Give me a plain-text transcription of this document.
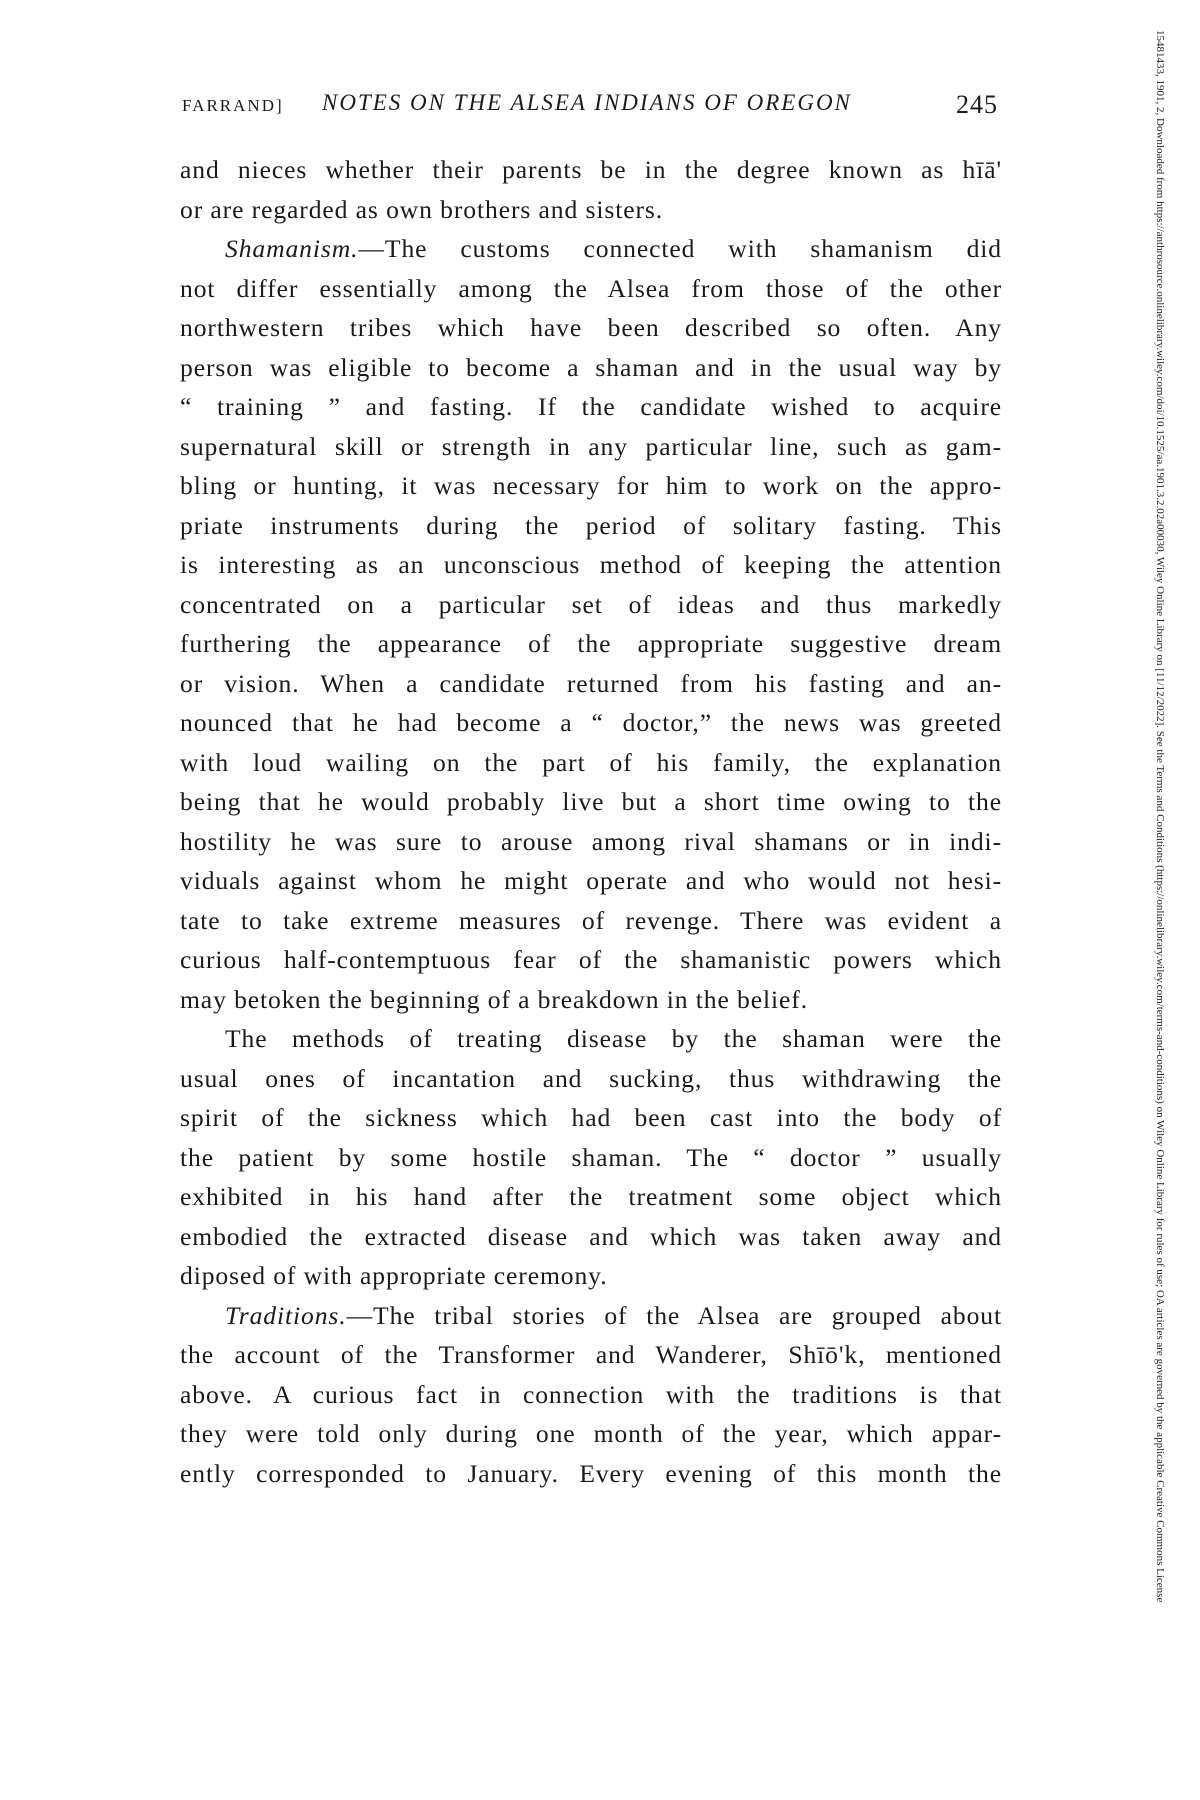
FARRAND] NOTES ON THE ALSEA INDIANS OF OREGON	245
and nieces whether their parents be in the degree known as hīā'
or are regarded as own brothers and sisters.
Shamanism.—The customs connected with shamanism did
not differ essentially among the Alsea from those of the other
northwestern tribes which have been described so often. Any
person was eligible to become a shaman and in the usual way by
“ training ” and fasting. If the candidate wished to acquire
supernatural skill or strength in any particular line, such as gam-
bling or hunting, it was necessary for him to work on the appro-
priate instruments during the period of solitary fasting. This
is interesting as an unconscious method of keeping the attention
concentrated on a particular set of ideas and thus markedly
furthering the appearance of the appropriate suggestive dream
or vision. When a candidate returned from his fasting and an-
nounced that he had become a “ doctor,” the news was greeted
with loud wailing on the part of his family, the explanation
being that he would probably live but a short time owing to the
hostility he was sure to arouse among rival shamans or in indi-
viduals against whom he might operate and who would not hesi-
tate to take extreme measures of revenge. There was evident a
curious half-contemptuous fear of the shamanistic powers which
may betoken the beginning of a breakdown in the belief.
The methods of treating disease by the shaman were the
usual ones of incantation and sucking, thus withdrawing the
spirit of the sickness which had been cast into the body of
the patient by some hostile shaman. The “ doctor ” usually
exhibited in his hand after the treatment some object which
embodied the extracted disease and which was taken away and
diposed of with appropriate ceremony.
Traditions.—The tribal stories of the Alsea are grouped about
the account of the Transformer and Wanderer, Shīō'k, mentioned
above. A curious fact in connection with the traditions is that
they were told only during one month of the year, which appar-
ently corresponded to January. Every evening of this month the	15481433, 1901, 2, Downloaded from https://anthrosource.onlinelibrary.wiley.com/doi/10.1525/aa.1901.3.2.02a00030, Wiley Online Library on [11/12/2022]. See the Terms and Conditions (https://onlinelibrary.wiley.com/terms-and-conditions) on Wiley Online Library for rules of use; OA articles are governed by the applicable Creative Commons License
